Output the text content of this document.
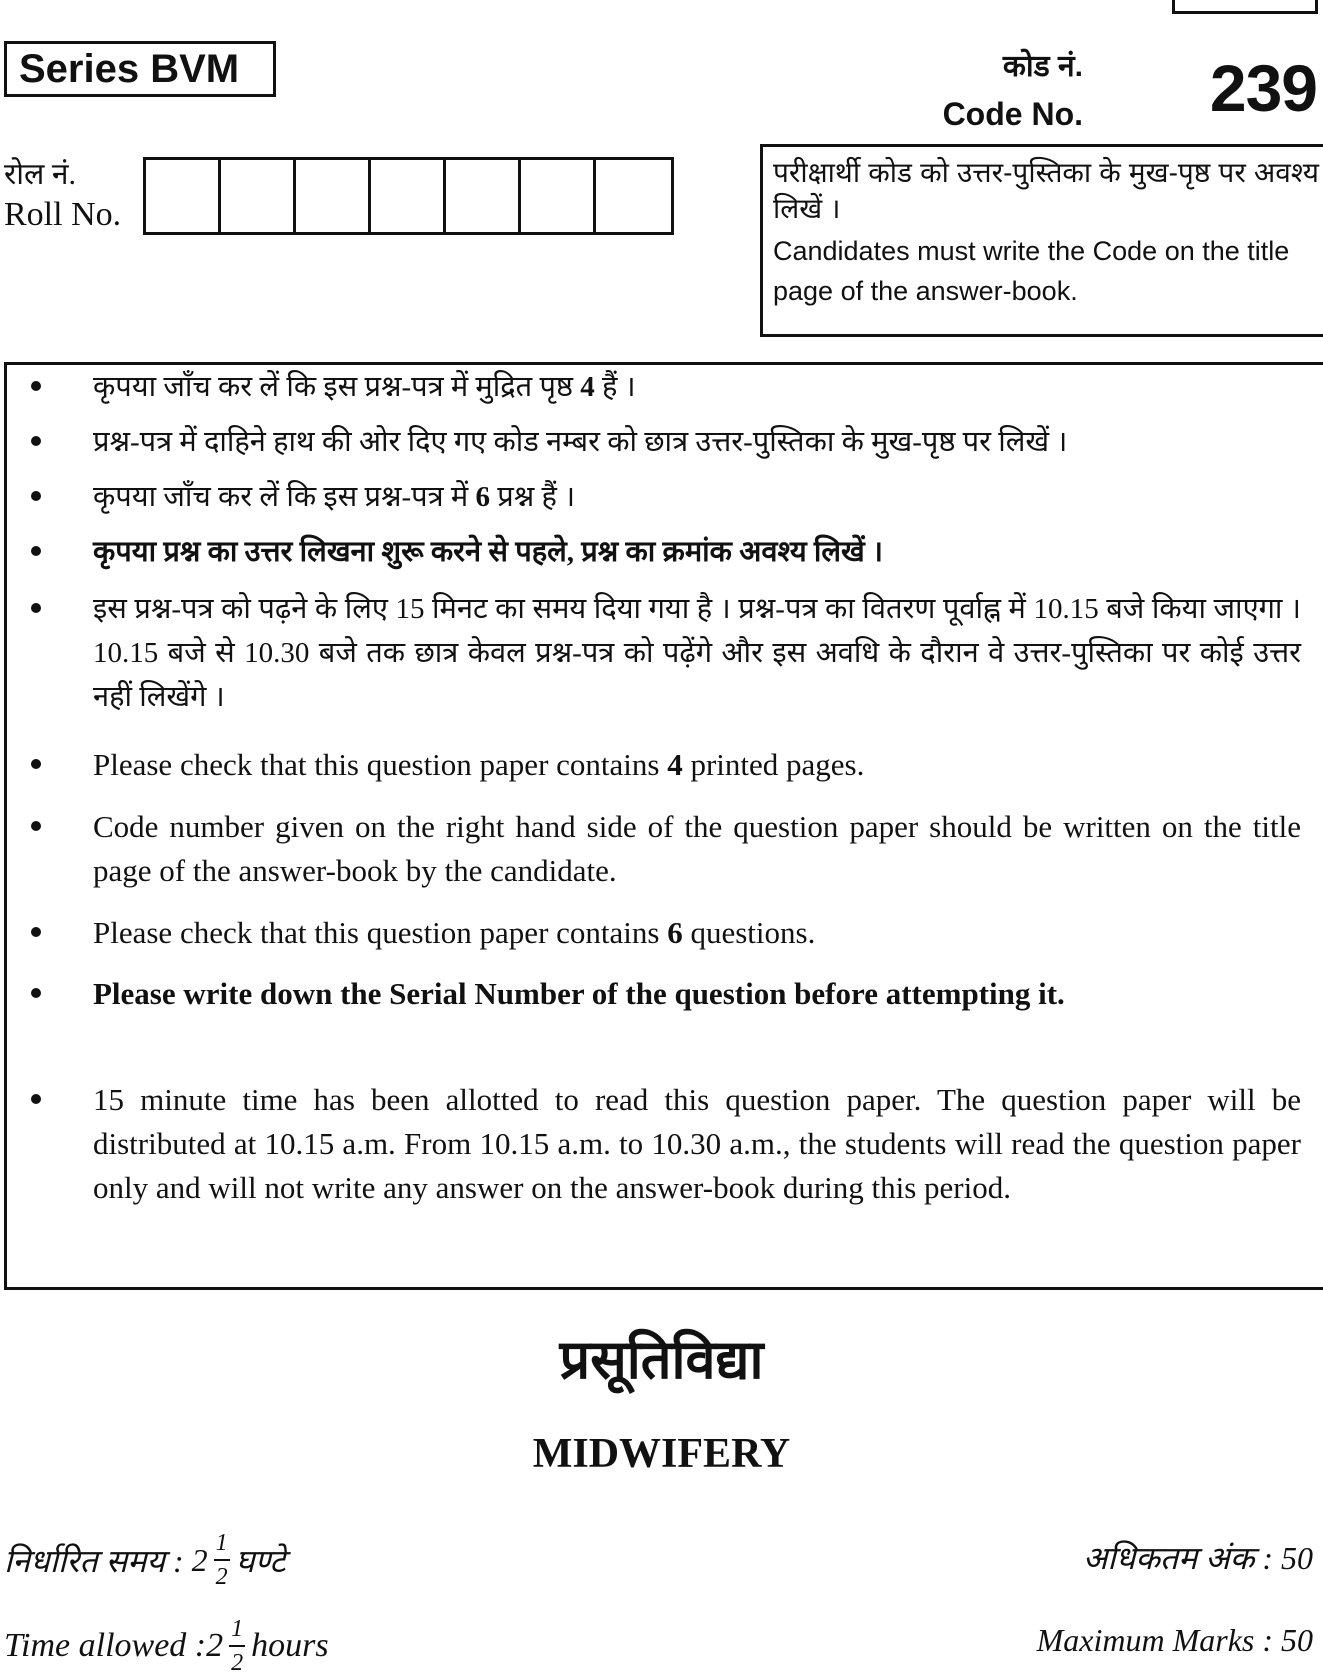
Series BVM	कोड नं.
Code No. 239
रोल नं.
Roll No.
परीक्षार्थी कोड को उत्तर-पुस्तिका के मुख-पृष्ठ पर अवश्य लिखें ।
Candidates must write the Code on the title page of the answer-book.
कृपया जाँच कर लें कि इस प्रश्न-पत्र में मुद्रित पृष्ठ 4 हैं ।
प्रश्न-पत्र में दाहिने हाथ की ओर दिए गए कोड नम्बर को छात्र उत्तर-पुस्तिका के मुख-पृष्ठ पर लिखें ।
कृपया जाँच कर लें कि इस प्रश्न-पत्र में 6 प्रश्न हैं ।
कृपया प्रश्न का उत्तर लिखना शुरू करने से पहले, प्रश्न का क्रमांक अवश्य लिखें ।
इस प्रश्न-पत्र को पढ़ने के लिए 15 मिनट का समय दिया गया है । प्रश्न-पत्र का वितरण पूर्वाह्न में 10.15 बजे किया जाएगा । 10.15 बजे से 10.30 बजे तक छात्र केवल प्रश्न-पत्र को पढ़ेंगे और इस अवधि के दौरान वे उत्तर-पुस्तिका पर कोई उत्तर नहीं लिखेंगे ।
Please check that this question paper contains 4 printed pages.
Code number given on the right hand side of the question paper should be written on the title page of the answer-book by the candidate.
Please check that this question paper contains 6 questions.
Please write down the Serial Number of the question before attempting it.
15 minute time has been allotted to read this question paper. The question paper will be distributed at 10.15 a.m. From 10.15 a.m. to 10.30 a.m., the students will read the question paper only and will not write any answer on the answer-book during this period.
प्रसूतिविद्या
MIDWIFERY
निर्धारित समय :
$2 \frac{1}{2}$ घण्टे	अधिकतम अंक : 50
Time allowed : $2 \frac{1}{2}$ hours	Maximum Marks : 50
